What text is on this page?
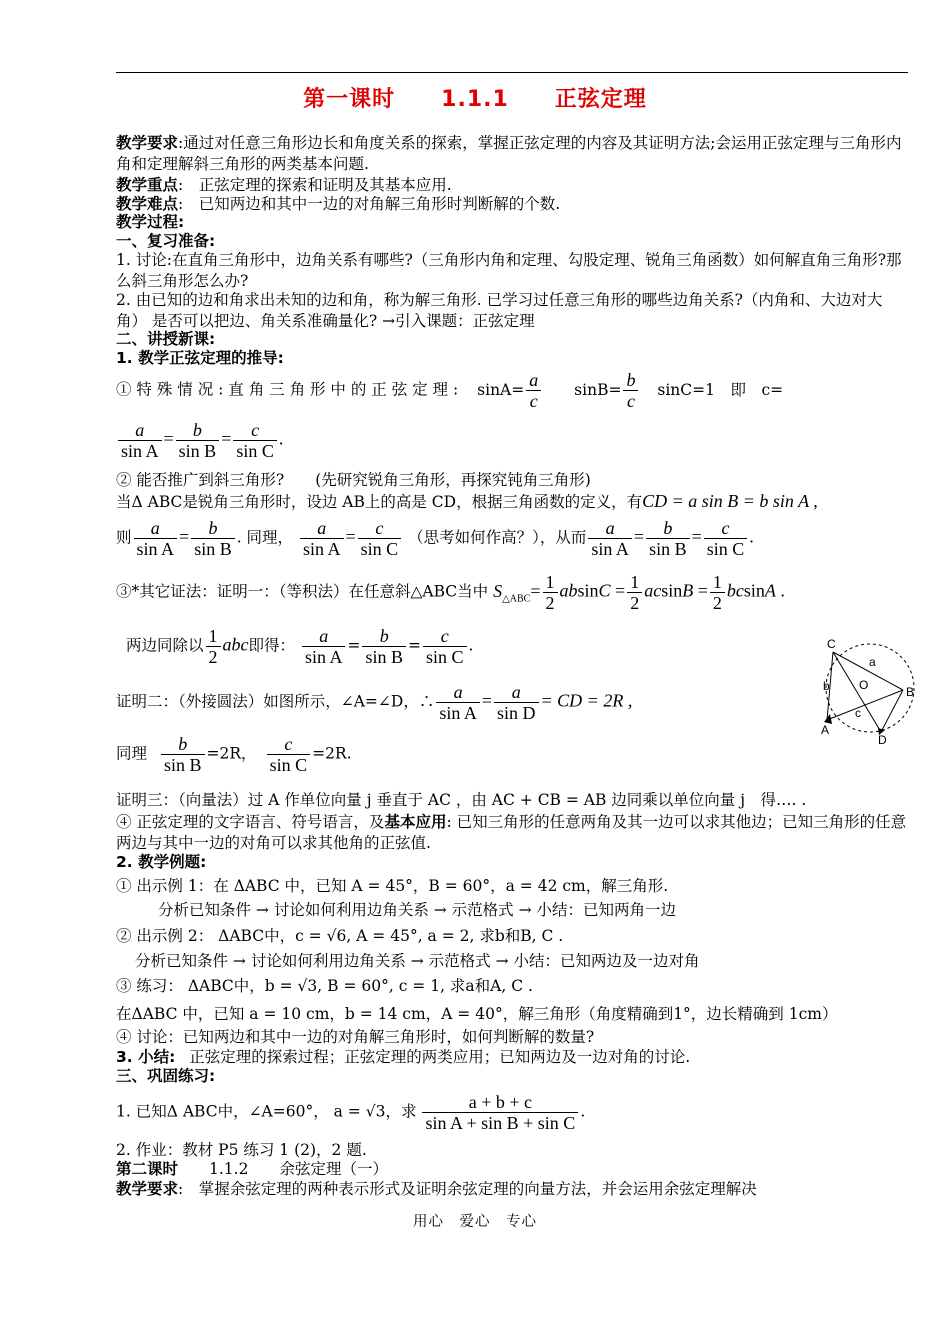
第一课时　　1.1.1　　正弦定理
教学要求:通过对任意三角形边长和角度关系的探索，掌握正弦定理的内容及其证明方法;会运用正弦定理与三角形内角和定理解斜三角形的两类基本问题.
教学重点:　正弦定理的探索和证明及其基本应用.
教学难点:　已知两边和其中一边的对角解三角形时判断解的个数.
教学过程:
一、复习准备:
1. 讨论:在直角三角形中，边角关系有哪些?（三角形内角和定理、勾股定理、锐角三角函数）如何解直角三角形?那么斜三角形怎么办?
2. 由已知的边和角求出未知的边和角，称为解三角形. 已学习过任意三角形的哪些边角关系?（内角和、大边对大角） 是否可以把边、角关系准确量化? →引入课题：正弦定理
二、讲授新课:
1. 教学正弦定理的推导:
① 特 殊 情 况 : 直 角 三 角 形 中 的 正 弦 定 理 : $\sin A= \frac{a}{c} \sin B= \frac{b}{c} \sin C=1$　即　c=
$\frac{a}{\text{sin A}} = \frac{b}{\text{sin B}} = \frac{c}{\text{sin C}}$ .
② 能否推广到斜三角形?　　(先研究锐角三角形，再探究钝角三角形)
当Δ ABC是锐角三角形时，设边 AB上的高是 CD，根据三角函数的定义，有CD = a sin B = b sin A ,
则 $\frac{a}{\text{sin A}} = \frac{b}{\text{sin B}}$ . 同理， $\frac{a}{\text{sin A}} = \frac{c}{\text{sin C}}$ （思考如何作高？），从而 $\frac{a}{\text{sin A}} = \frac{b}{\text{sin B}} = \frac{c}{\text{sin C}}$ .
③*其它证法：证明一：（等积法）在任意斜△ABC当中 $S_{\triangle ABC}= \frac{1}{2}$ $absinC = \frac{1}{2}$ $acsinB = \frac{1}{2}$ bcsinA .
两边同除以 $\frac{1}{2}$ abc即得： $\frac{a}{\text{sin A}} = \frac{b}{\text{sin B}} = \frac{c}{\text{sin C}}$ .	C
a
b O	B
c
A
D
证明二：（外接圆法）如图所示，∠A=∠D，∴ $\frac{a}{\text{sin A}} = \frac{a}{\text{sin D}}$ = CD = 2R ,
同理 $\frac{b}{\text{sin B}} =2R$， $\frac{c}{\text{sin C}} =2R$.
证明三：（向量法）过 A 作单位向量 j 垂直于 AC ，由 AC + CB = AB 边同乘以单位向量 j　得…. .
④ 正弦定理的文字语言、符号语言，及基本应用: 已知三角形的任意两角及其一边可以求其他边；已知三角形的任意两边与其中一边的对角可以求其他角的正弦值.
2. 教学例题:
① 出示例 1：在 ΔABC 中，已知 A = 45°，B = 60°，a = 42 cm，解三角形.
分析已知条件 → 讨论如何利用边角关系 → 示范格式 → 小结：已知两角一边
② 出示例 2： ΔABC中，c = √6, A = 45°, a = 2, 求b和B, C .
分析已知条件 → 讨论如何利用边角关系 → 示范格式 → 小结：已知两边及一边对角
③ 练习： ΔABC中，b = √3, B = 60°, c = 1, 求a和A, C .
在ΔABC 中，已知 a = 10 cm，b = 14 cm，A = 40°，解三角形（角度精确到1°，边长精确到 1cm）
④ 讨论：已知两边和其中一边的对角解三角形时，如何判断解的数量?
3. 小结: 正弦定理的探索过程；正弦定理的两类应用；已知两边及一边对角的讨论.
三、巩固练习:
1. 已知Δ ABC中，∠A=60°， a = √3，求 $\frac{a + b + c}{\text{sin A + sin B + sin C}}$ .
2. 作业：教材 P5 练习 1 (2)，2 题.
第二课时　　1.1.2　　余弦定理（一）
教学要求:　掌握余弦定理的两种表示形式及证明余弦定理的向量方法，并会运用余弦定理解决
用心　爱心　专心
